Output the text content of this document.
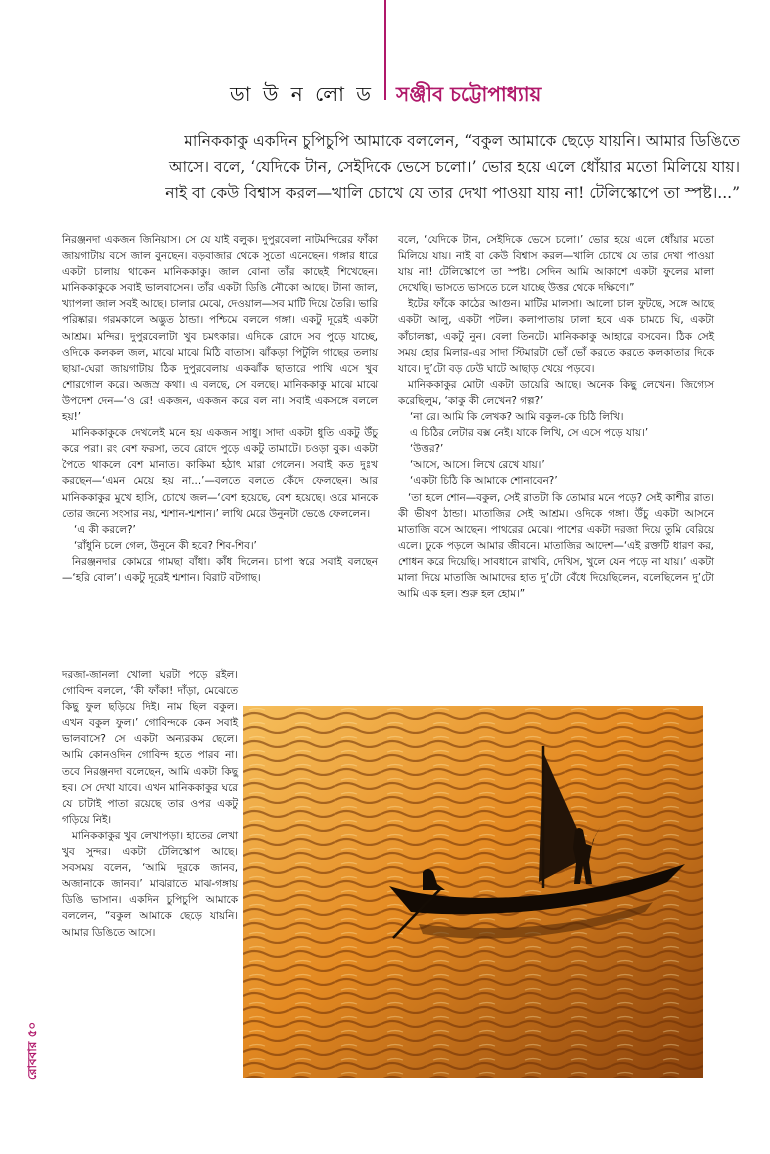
ডা উ ন লো ড সঞ্জীব চট্টোপাধ্যায়

মানিককাকু একদিন চুপিচুপি আমাকে বললেন, “বকুল আমাকে ছেড়ে যায়নি। আমার ডিঙিতে

আসে। বলে, ‘যেদিকে টান, সেইদিকে ভেসে চলো।’ ভোর হয়ে এলে ধোঁয়ার মতো মিলিয়ে যায়।

নাই বা কেউ বিশ্বাস করল—খালি চোখে যে তার দেখা পাওয়া যায় না! টেলিস্কোপে তা স্পষ্ট।...”

নিরঞ্জনদা একজন জিনিয়াস। সে যে যাই বলুক। দুপুরবেলা নাটমন্দিরের ফাঁকা জায়গাটায় বসে জাল বুনছেন। বড়বাজার থেকে সুতো এনেছেন। গঙ্গার ধারে একটা চালায় থাকেন মানিককাকু। জাল বোনা তাঁর কাছেই শিখেছেন। মানিককাকুকে সবাই ভালবাসেন। তাঁর একটা ডিঙি নৌকো আছে। টানা জাল, খ্যাপলা জাল সবই আছে। চালার মেঝে, দেওয়াল—সব মাটি দিয়ে তৈরি। ভারি পরিষ্কার। গরমকালে অদ্ভুত ঠান্ডা। পশ্চিমে বললে গঙ্গা। একটু দূরেই একটা আশ্রম। মন্দির। দুপুরবেলাটা খুব চমৎকার। এদিকে রোদে সব পুড়ে যাচ্ছে, ওদিকে কলকল জল, মাঝে মাঝে মিঠি বাতাস। ঝাঁকড়া পিটুলি গাছের তলায় ছায়া-ঘেরা জায়গাটায় ঠিক দুপুরবেলায় একঝাঁক ছাতারে পাখি এসে খুব শোরগোল করে। অজস্র কথা। এ বলছে, সে বলছে। মানিককাকু মাঝে মাঝে উপদেশ দেন—‘ও রে! একজন, একজন করে বল না। সবাই একসঙ্গে বললে হয়!’

মানিককাকুকে দেখলেই মনে হয় একজন সাধু। সাদা একটা ধুতি একটু উঁচু করে পরা। রং বেশ ফরসা, তবে রোদে পুড়ে একটু তামাটে। চওড়া বুক। একটা পৈতে থাকলে বেশ মানাত। কাকিমা হঠাৎ মারা গেলেন। সবাই কত দুঃখ করছেন—‘এমন মেয়ে হয় না...’—বলতে বলতে কেঁদে ফেলছেন। আর মানিককাকুর মুখে হাসি, চোখে জল—‘বেশ হয়েছে, বেশ হয়েছে। ওরে মানকে তোর জন্যে সংসার নয়, শ্মশান-শ্মশান।’ লাথি মেরে উনুনটা ভেঙে ফেললেন।

‘এ কী করলে?’

‘রাঁধুনি চলে গেল, উনুনে কী হবে? শিব-শিব।’

নিরঞ্জনদার কোমরে গামছা বাঁধা। কাঁধ দিলেন। চাপা স্বরে সবাই বলছেন—‘হরি বোল’। একটু দূরেই শ্মশান। বিরাট বটগাছ।

দরজা-জানলা খোলা ঘরটা পড়ে রইল। গোবিন্দ বললে, ‘কী ফাঁকা! দাঁড়া, মেঝেতে কিছু ফুল ছড়িয়ে দিই। নাম ছিল বকুল। এখন বকুল ফুল।’ গোবিন্দকে কেন সবাই ভালবাসে? সে একটা অন্যরকম ছেলে। আমি কোনওদিন গোবিন্দ হতে পারব না। তবে নিরঞ্জনদা বলেছেন, আমি একটা কিছু হব। সে দেখা যাবে। এখন মানিককাকুর ঘরে যে চাটাই পাতা রয়েছে তার ওপর একটু গড়িয়ে নিই।

মানিককাকুর খুব লেখাপড়া। হাতের লেখা খুব সুন্দর। একটা টেলিস্কোপ আছে। সবসময় বলেন, ‘আমি দূরকে জানব, অজানাকে জানব।’ মাঝরাতে মাঝ-গঙ্গায় ডিঙি ভাসান। একদিন চুপিচুপি আমাকে বললেন, “বকুল আমাকে ছেড়ে যায়নি। আমার ডিঙিতে আসে।

বলে, ‘যেদিকে টান, সেইদিকে ভেসে চলো।’ ভোর হয়ে এলে ধোঁয়ার মতো মিলিয়ে যায়। নাই বা কেউ বিশ্বাস করল—খালি চোখে যে তার দেখা পাওয়া যায় না! টেলিস্কোপে তা স্পষ্ট। সেদিন আমি আকাশে একটা ফুলের মালা দেখেছি। ভাসতে ভাসতে চলে যাচ্ছে উত্তর থেকে দক্ষিণে।”

ইটের ফাঁকে কাঠের আগুন। মাটির মালসা। আলো চাল ফুটছে, সঙ্গে আছে একটা আলু, একটা পটল। কলাপাতায় ঢালা হবে এক চামচে ঘি, একটা কাঁচালঙ্কা, একটু নুন। বেলা তিনটে। মানিককাকু আহারে বসবেন। ঠিক সেই সময় হোর মিলার-এর সাদা স্টিমারটা ভোঁ ভোঁ করতে করতে কলকাতার দিকে যাবে। দু’টো বড় ঢেউ ঘাটে আছাড় খেয়ে পড়বে।

মানিককাকুর মোটা একটা ডায়েরি আছে। অনেক কিছু লেখেন। জিগ্যেস করেছিলুম, ‘কাকু কী লেখেন? গল্প?’

‘না রে। আমি কি লেখক? আমি বকুল-কে চিঠি লিখি।

এ চিঠির লেটার বক্স নেই। যাকে লিখি, সে এসে পড়ে যায়।’

‘উত্তর?’

‘আসে, আসে। লিখে রেখে যায়।’

‘একটা চিঠি কি আমাকে শোনাবেন?’

‘তা হলে শোন—বকুল, সেই রাতটা কি তোমার মনে পড়ে? সেই কাশীর রাত। কী ভীষণ ঠান্ডা। মাতাজির সেই আশ্রম। ওদিকে গঙ্গা। উঁচু একটা আসনে মাতাজি বসে আছেন। পাথরের মেঝে। পাশের একটা দরজা দিয়ে তুমি বেরিয়ে এলে। ঢুকে পড়লে আমার জীবনে। মাতাজির আদেশ—‘এই রক্তটি ধারণ কর, শোধন করে দিয়েছি। সাবধানে রাখবি, দেখিস, খুলে যেন পড়ে না যায়।’ একটা মালা দিয়ে মাতাজি আমাদের হাত দু’টো বেঁধে দিয়েছিলেন, বলেছিলেন দু’টো আমি এক হল। শুরু হল হোম।”

রোববার ৫০
